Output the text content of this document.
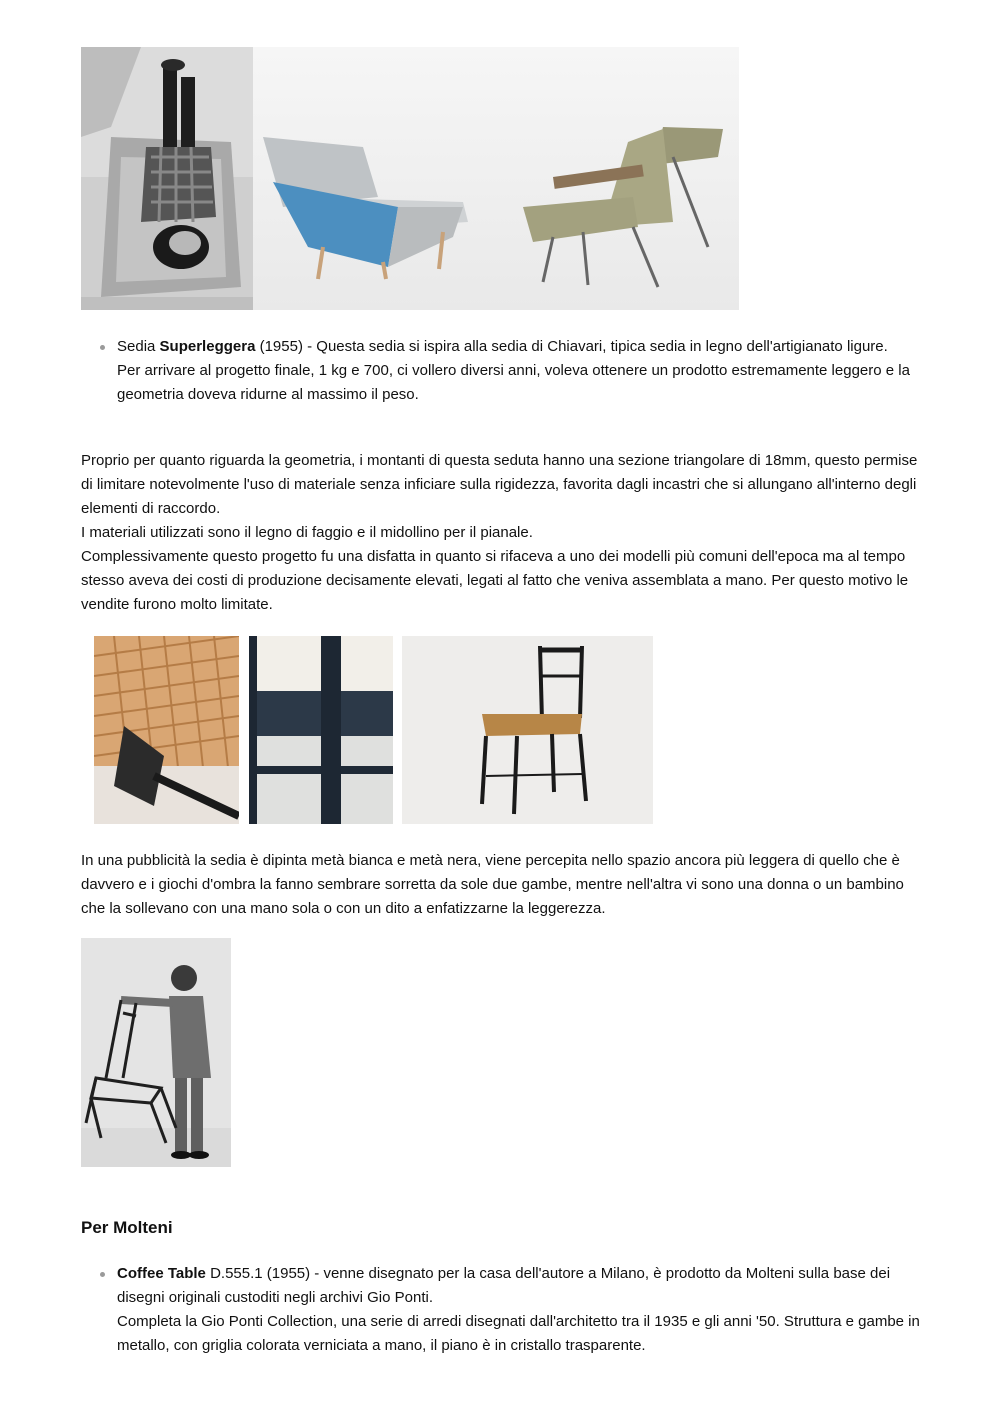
Sedia Superleggera (1955) - Questa sedia si ispira alla sedia di Chiavari, tipica sedia in legno dell'artigianato ligure.

Per arrivare al progetto finale, 1 kg e 700, ci vollero diversi anni, voleva ottenere un prodotto estremamente leggero e la geometria doveva ridurne al massimo il peso.

Proprio per quanto riguarda la geometria, i montanti di questa seduta hanno una sezione triangolare di 18mm, questo permise di limitare notevolmente l'uso di materiale senza inficiare sulla rigidezza, favorita dagli incastri che si allungano all'interno degli elementi di raccordo.

I materiali utilizzati sono il legno di faggio e il midollino per il pianale.

Complessivamente questo progetto fu una disfatta in quanto si rifaceva a uno dei modelli più comuni dell'epoca ma al tempo stesso aveva dei costi di produzione decisamente elevati, legati al fatto che veniva assemblata a mano. Per questo motivo le vendite furono molto limitate.

In una pubblicità la sedia è dipinta metà bianca e metà nera, viene percepita nello spazio ancora più leggera di quello che è davvero e i giochi d'ombra la fanno sembrare sorretta da sole due gambe, mentre nell'altra vi sono una donna o un bambino che la sollevano con una mano sola o con un dito a enfatizzarne la leggerezza.

Per Molteni

Coffee Table D.555.1 (1955) - venne disegnato per la casa dell'autore a Milano, è prodotto da Molteni sulla base dei disegni originali custoditi negli archivi Gio Ponti.

Completa la Gio Ponti Collection, una serie di arredi disegnati dall'architetto tra il 1935 e gli anni '50. Struttura e gambe in metallo, con griglia colorata verniciata a mano, il piano è in cristallo trasparente.
